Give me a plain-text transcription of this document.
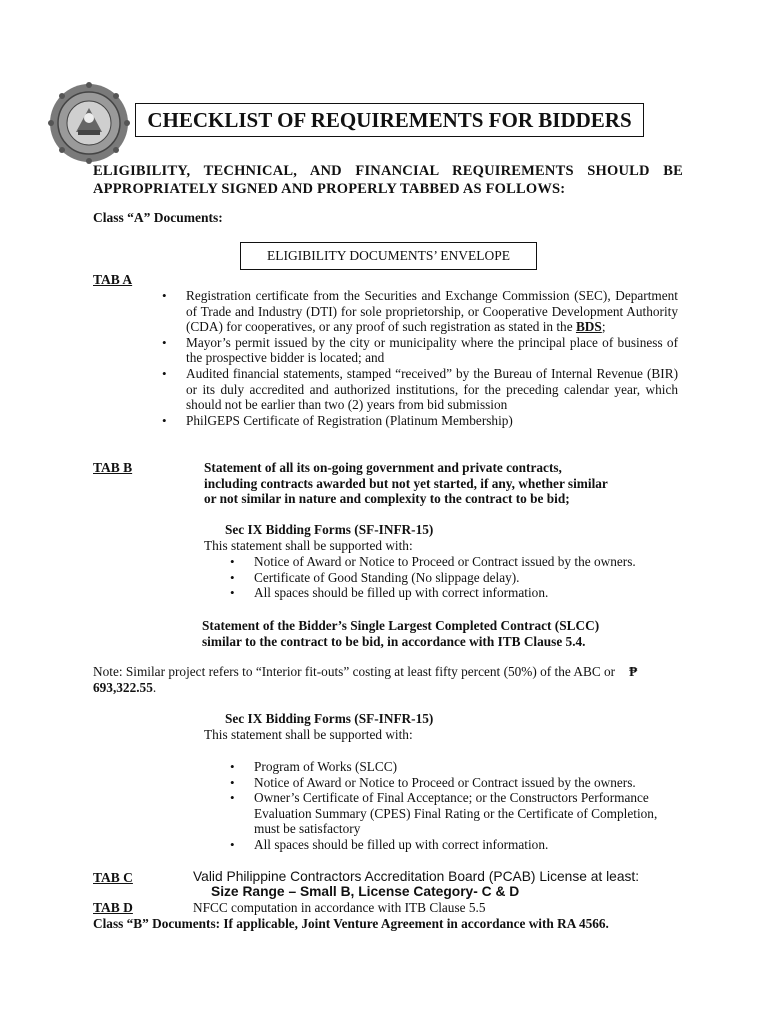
CHECKLIST OF REQUIREMENTS FOR BIDDERS
ELIGIBILITY, TECHNICAL, AND FINANCIAL REQUIREMENTS SHOULD BE
APPROPRIATELY SIGNED AND PROPERLY TABBED AS FOLLOWS:
Class “A” Documents:
ELIGIBILITY DOCUMENTS’ ENVELOPE
TAB A
• Registration certificate from the Securities and Exchange Commission (SEC), Department of Trade and Industry (DTI) for sole proprietorship, or Cooperative Development Authority (CDA) for cooperatives, or any proof of such registration as stated in the BDS;
• Mayor’s permit issued by the city or municipality where the principal place of business of the prospective bidder is located; and
• Audited financial statements, stamped “received” by the Bureau of Internal Revenue (BIR) or its duly accredited and authorized institutions, for the preceding calendar year, which should not be earlier than two (2) years from bid submission
• PhilGEPS Certificate of Registration (Platinum Membership)
TAB B	Statement of all its on-going government and private contracts,
including contracts awarded but not yet started, if any, whether similar
or not similar in nature and complexity to the contract to be bid;
Sec IX Bidding Forms (SF-INFR-15)
This statement shall be supported with:
• Notice of Award or Notice to Proceed or Contract issued by the owners.
• Certificate of Good Standing (No slippage delay).
• All spaces should be filled up with correct information.
Statement of the Bidder’s Single Largest Completed Contract (SLCC)
similar to the contract to be bid, in accordance with ITB Clause 5.4.
Note: Similar project refers to “Interior fit-outs” costing at least fifty percent (50%) of the ABC or ₱
693,322.55.
Sec IX Bidding Forms (SF-INFR-15)
This statement shall be supported with:
• Program of Works (SLCC)
• Notice of Award or Notice to Proceed or Contract issued by the owners.
• Owner’s Certificate of Final Acceptance; or the Constructors Performance Evaluation Summary (CPES) Final Rating or the Certificate of Completion, must be satisfactory
• All spaces should be filled up with correct information.
TAB C	Valid Philippine Contractors Accreditation Board (PCAB) License at least:
Size Range – Small B, License Category- C & D
TAB D	NFCC computation in accordance with ITB Clause 5.5
Class “B” Documents: If applicable, Joint Venture Agreement in accordance with RA 4566.
